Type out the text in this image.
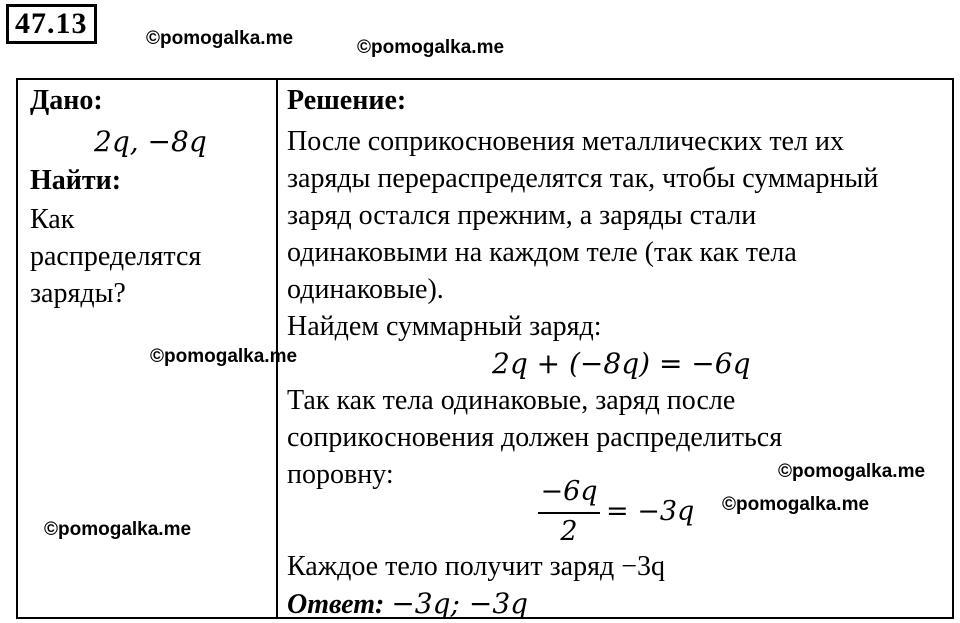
47.13	©pomogalka.me	©pomogalka.me
Дано:
2q, −8q
Найти:
Как
распределятся
заряды?
Решение:
После соприкосновения металлических тел их
заряды перераспределятся так, чтобы суммарный
заряд остался прежним, а заряды стали
одинаковыми на каждом теле (так как тела
одинаковые).
Найдем суммарный заряд:
2q + (−8q) = −6q
Так как тела одинаковые, заряд после
соприкосновения должен распределиться
поровну:
−6q
2
= −3q
Каждое тело получит заряд −3q
Ответ: −3q; −3q
©pomogalka.me
©pomogalka.me
©pomogalka.me
©pomogalka.me
